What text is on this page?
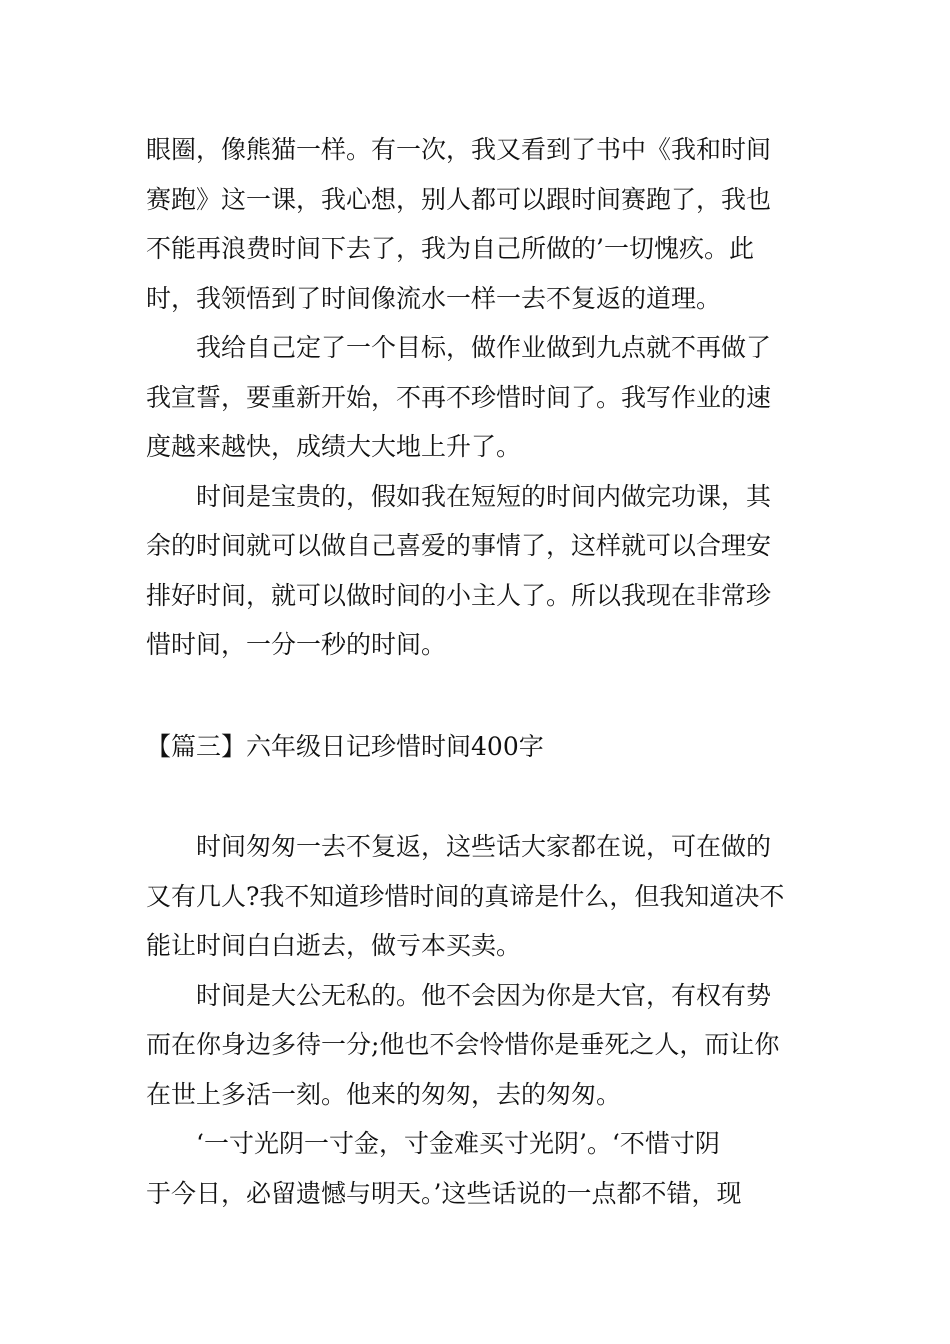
眼圈，像熊猫一样。有一次，我又看到了书中《我和时间
赛跑》这一课，我心想，别人都可以跟时间赛跑了，我也
不能再浪费时间下去了，我为自己所做的’一切愧疚。此
时，我领悟到了时间像流水一样一去不复返的道理。
　　我给自己定了一个目标，做作业做到九点就不再做了
我宣誓，要重新开始，不再不珍惜时间了。我写作业的速
度越来越快，成绩大大地上升了。
　　时间是宝贵的，假如我在短短的时间内做完功课，其
余的时间就可以做自己喜爱的事情了，这样就可以合理安
排好时间，就可以做时间的小主人了。所以我现在非常珍
惜时间，一分一秒的时间。
【篇三】六年级日记珍惜时间400字
　　时间匆匆一去不复返，这些话大家都在说，可在做的
又有几人?我不知道珍惜时间的真谛是什么，但我知道决不
能让时间白白逝去，做亏本买卖。
　　时间是大公无私的。他不会因为你是大官，有权有势
而在你身边多待一分;他也不会怜惜你是垂死之人，而让你
在世上多活一刻。他来的匆匆，去的匆匆。
　　‘一寸光阴一寸金，寸金难买寸光阴’。‘不惜寸阴
于今日，必留遗憾与明天。’这些话说的一点都不错，现
